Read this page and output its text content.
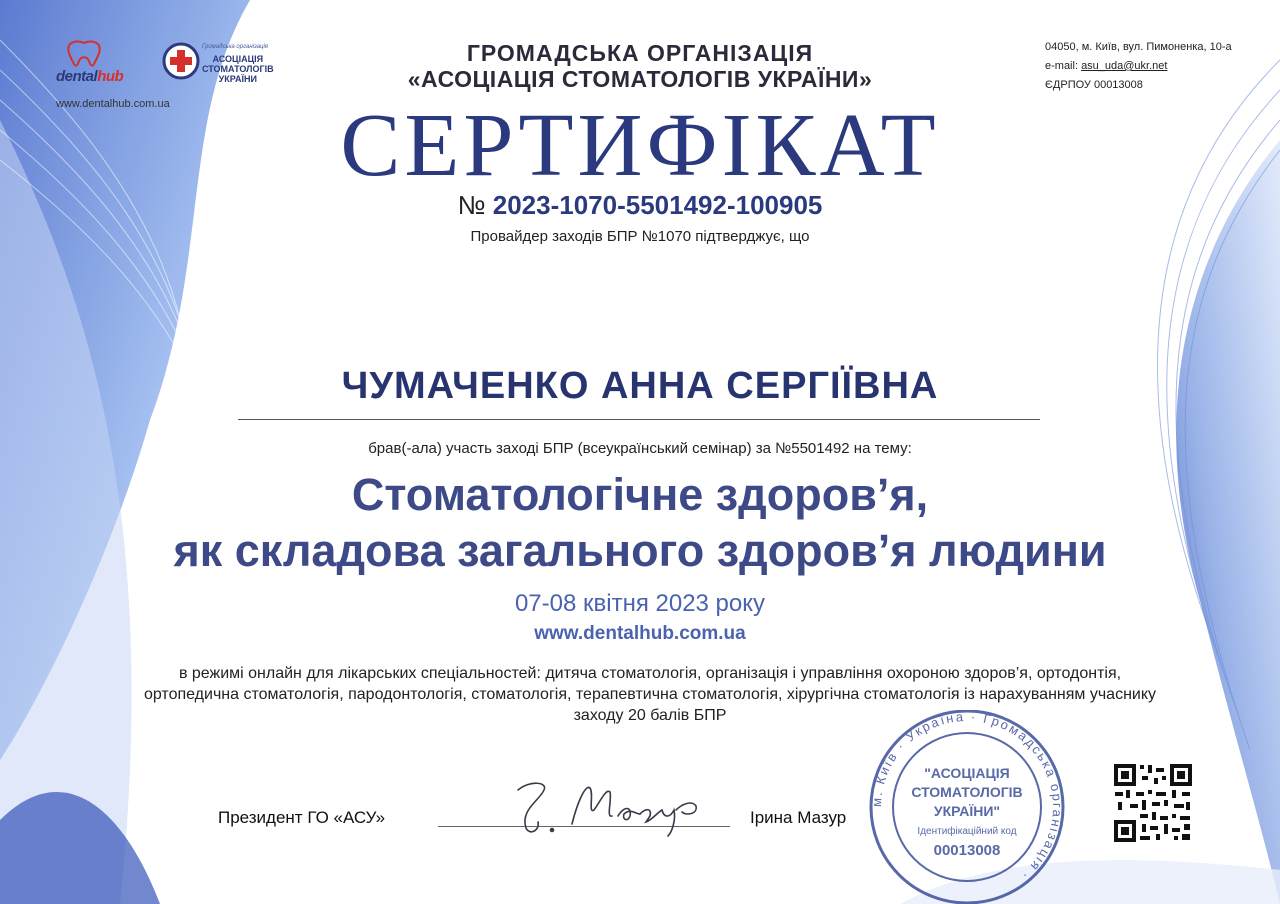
dentalhub
Громадська організація
АСОЦІАЦІЯ
СТОМАТОЛОГІВ
УКРАЇНИ
www.dentalhub.com.ua
04050, м. Київ, вул. Пимоненка, 10-а
e-mail: asu_uda@ukr.net
ЄДРПОУ 00013008
ГРОМАДСЬКА ОРГАНІЗАЦІЯ
«АСОЦІАЦІЯ СТОМАТОЛОГІВ УКРАЇНИ»
СЕРТИФІКАТ
№ 2023-1070-5501492-100905
Провайдер заходів БПР №1070 підтверджує, що
ЧУМАЧЕНКО АННА СЕРГІЇВНА
брав(-ала) участь заході БПР (всеукраїнський семінар) за №5501492 на тему:
Стоматологічне здоров’я,
як складова загального здоров’я людини
07-08 квітня 2023 року
www.dentalhub.com.ua
в режимі онлайн для лікарських спеціальностей: дитяча стоматологія, організація і управління охороною здоров’я, ортодонтія, ортопедична стоматологія, пародонтологія, стоматологія, терапевтична стоматологія, хірургічна стоматологія із нарахуванням учаснику заходу 20 балів БПР
Президент ГО «АСУ»	Ірина Мазур
м. Київ · Україна · Громадська організація ·
"АСОЦІАЦІЯ
СТОМАТОЛОГІВ
УКРАЇНИ"
Ідентифікаційний код
00013008
